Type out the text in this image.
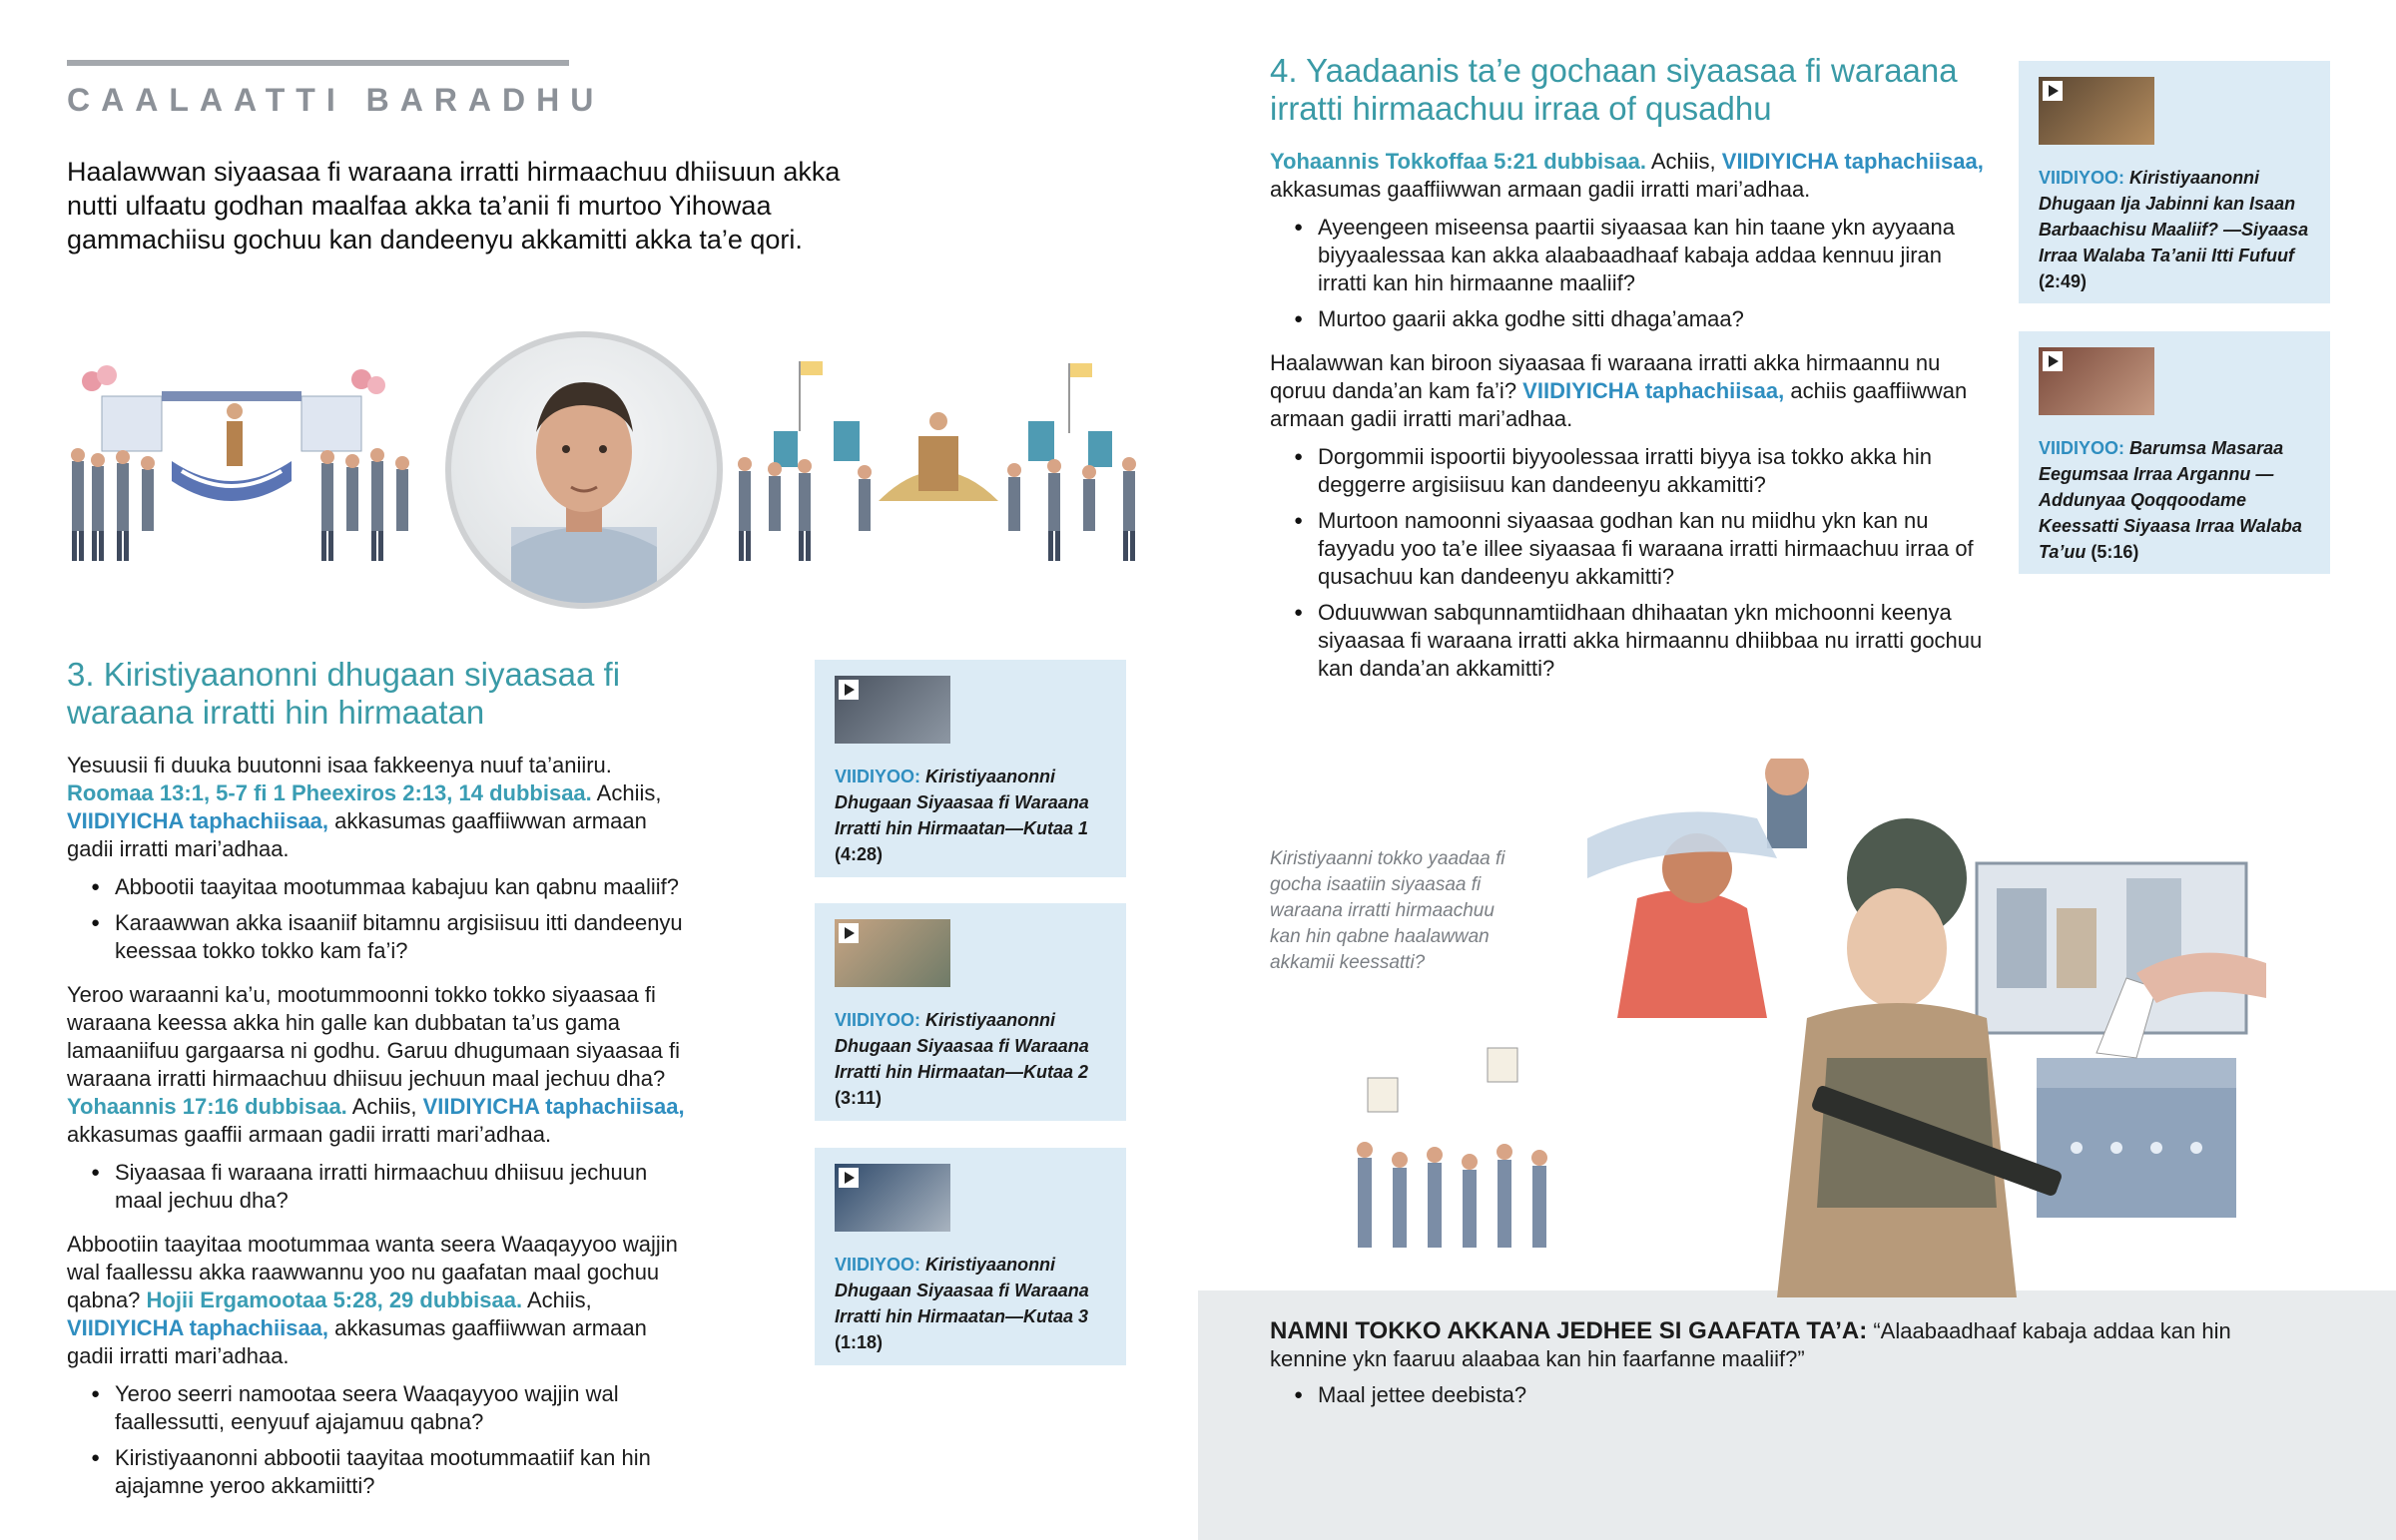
CAALAATTI BARADHU
Haalawwan siyaasaa fi waraana irratti hirmaachuu dhiisuun akka nutti ulfaatu godhan maalfaa akka ta’anii fi murtoo Yihowaa gammachiisu gochuu kan dandeenyu akkamitti akka ta’e qori.
3. Kiristiyaanonni dhugaan siyaasaa fi waraana irratti hin hirmaatan

Yesuusii fi duuka buutonni isaa fakkeenya nuuf ta’aniiru. Roomaa 13:1, 5-7 fi 1 Pheexiros 2:13, 14 dubbisaa. Achiis, VIIDIYICHA taphachiisaa, akkasumas gaaffiiwwan armaan gadii irratti mari’adhaa.

● Abbootii taayitaa mootummaa kabajuu kan qabnu maaliif?
● Karaawwan akka isaaniif bitamnu argisiisuu itti dandeenyu keessaa tokko tokko kam fa’i?

Yeroo waraanni ka’u, mootummoonni tokko tokko siyaasaa fi waraana keessa akka hin galle kan dubbatan ta’us gama lamaaniifuu gargaarsa ni godhu. Garuu dhugumaan siyaasaa fi waraana irratti hirmaachuu dhiisuu jechuun maal jechuu dha? Yohaannis 17:16 dubbisaa. Achiis, VIIDIYICHA taphachiisaa, akkasumas gaaffii armaan gadii irratti mari’adhaa.

● Siyaasaa fi waraana irratti hirmaachuu dhiisuu jechuun maal jechuu dha?

Abbootiin taayitaa mootummaa wanta seera Waaqayyoo wajjin wal faallessu akka raawwannu yoo nu gaafatan maal gochuu qabna? Hojii Ergamootaa 5:28, 29 dubbisaa. Achiis, VIIDIYICHA taphachiisaa, akkasumas gaaffiiwwan armaan gadii irratti mari’adhaa.

● Yeroo seerri namootaa seera Waaqayyoo wajjin wal faallessutti, eenyuuf ajajamuu qabna?
● Kiristiyaanonni abbootii taayitaa mootummaatiif kan hin ajajamne yeroo akkamiitti?
VIIDIYOO: Kiristiyaanonni Dhugaan Siyaasaa fi Waraana Irratti hin Hirmaatan—Kutaa 1
(4:28)
VIIDIYOO: Kiristiyaanonni Dhugaan Siyaasaa fi Waraana Irratti hin Hirmaatan—Kutaa 2
(3:11)
VIIDIYOO: Kiristiyaanonni Dhugaan Siyaasaa fi Waraana Irratti hin Hirmaatan—Kutaa 3
(1:18)
4. Yaadaanis ta’e gochaan siyaasaa fi waraana irratti hirmaachuu irraa of qusadhu

Yohaannis Tokkoffaa 5:21 dubbisaa. Achiis, VIIDIYICHA taphachiisaa, akkasumas gaaffiiwwan armaan gadii irratti mari’adhaa.

● Ayeengeen miseensa paartii siyaasaa kan hin taane ykn ayyaana biyyaalessaa kan akka alaabaadhaaf kabaja addaa kennuu jiran irratti kan hin hirmaanne maaliif?
● Murtoo gaarii akka godhe sitti dhaga’amaa?

Haalawwan kan biroon siyaasaa fi waraana irratti akka hirmaannu nu qoruu danda’an kam fa’i? VIIDIYICHA taphachiisaa, achiis gaaffiiwwan armaan gadii irratti mari’adhaa.

● Dorgommii ispoortii biyyoolessaa irratti biyya isa tokko akka hin deggerre argisiisuu kan dandeenyu akkamitti?
● Murtoon namoonni siyaasaa godhan kan nu miidhu ykn kan nu fayyadu yoo ta’e illee siyaasaa fi waraana irratti hirmaachuu irraa of qusachuu kan dandeenyu akkamitti?
● Oduuwwan sabqunnamtiidhaan dhihaatan ykn michoonni keenya siyaasaa fi waraana irratti akka hirmaannu dhiibbaa nu irratti gochuu kan danda’an akkamitti?
VIIDIYOO: Kiristiyaanonni Dhugaan Ija Jabinni kan Isaan Barbaachisu Maaliif? —Siyaasa Irraa Walaba Ta’anii Itti Fufuuf (2:49)
VIIDIYOO: Barumsa Masaraa Eegumsaa Irraa Argannu —Addunyaa Qoqqoodame Keessatti Siyaasa Irraa Walaba Ta’uu (5:16)
Kiristiyaanni tokko yaadaa fi gocha isaatiin siyaasaa fi waraana irratti hirmaachuu kan hin qabne haalawwan akkamii keessatti?

NAMNI TOKKO AKKANA JEDHEE SI GAAFATA TA’A: “Alaabaadhaaf kabaja addaa kan hin kennine ykn faaruu alaabaa kan hin faarfanne maaliif?”

● Maal jettee deebista?
